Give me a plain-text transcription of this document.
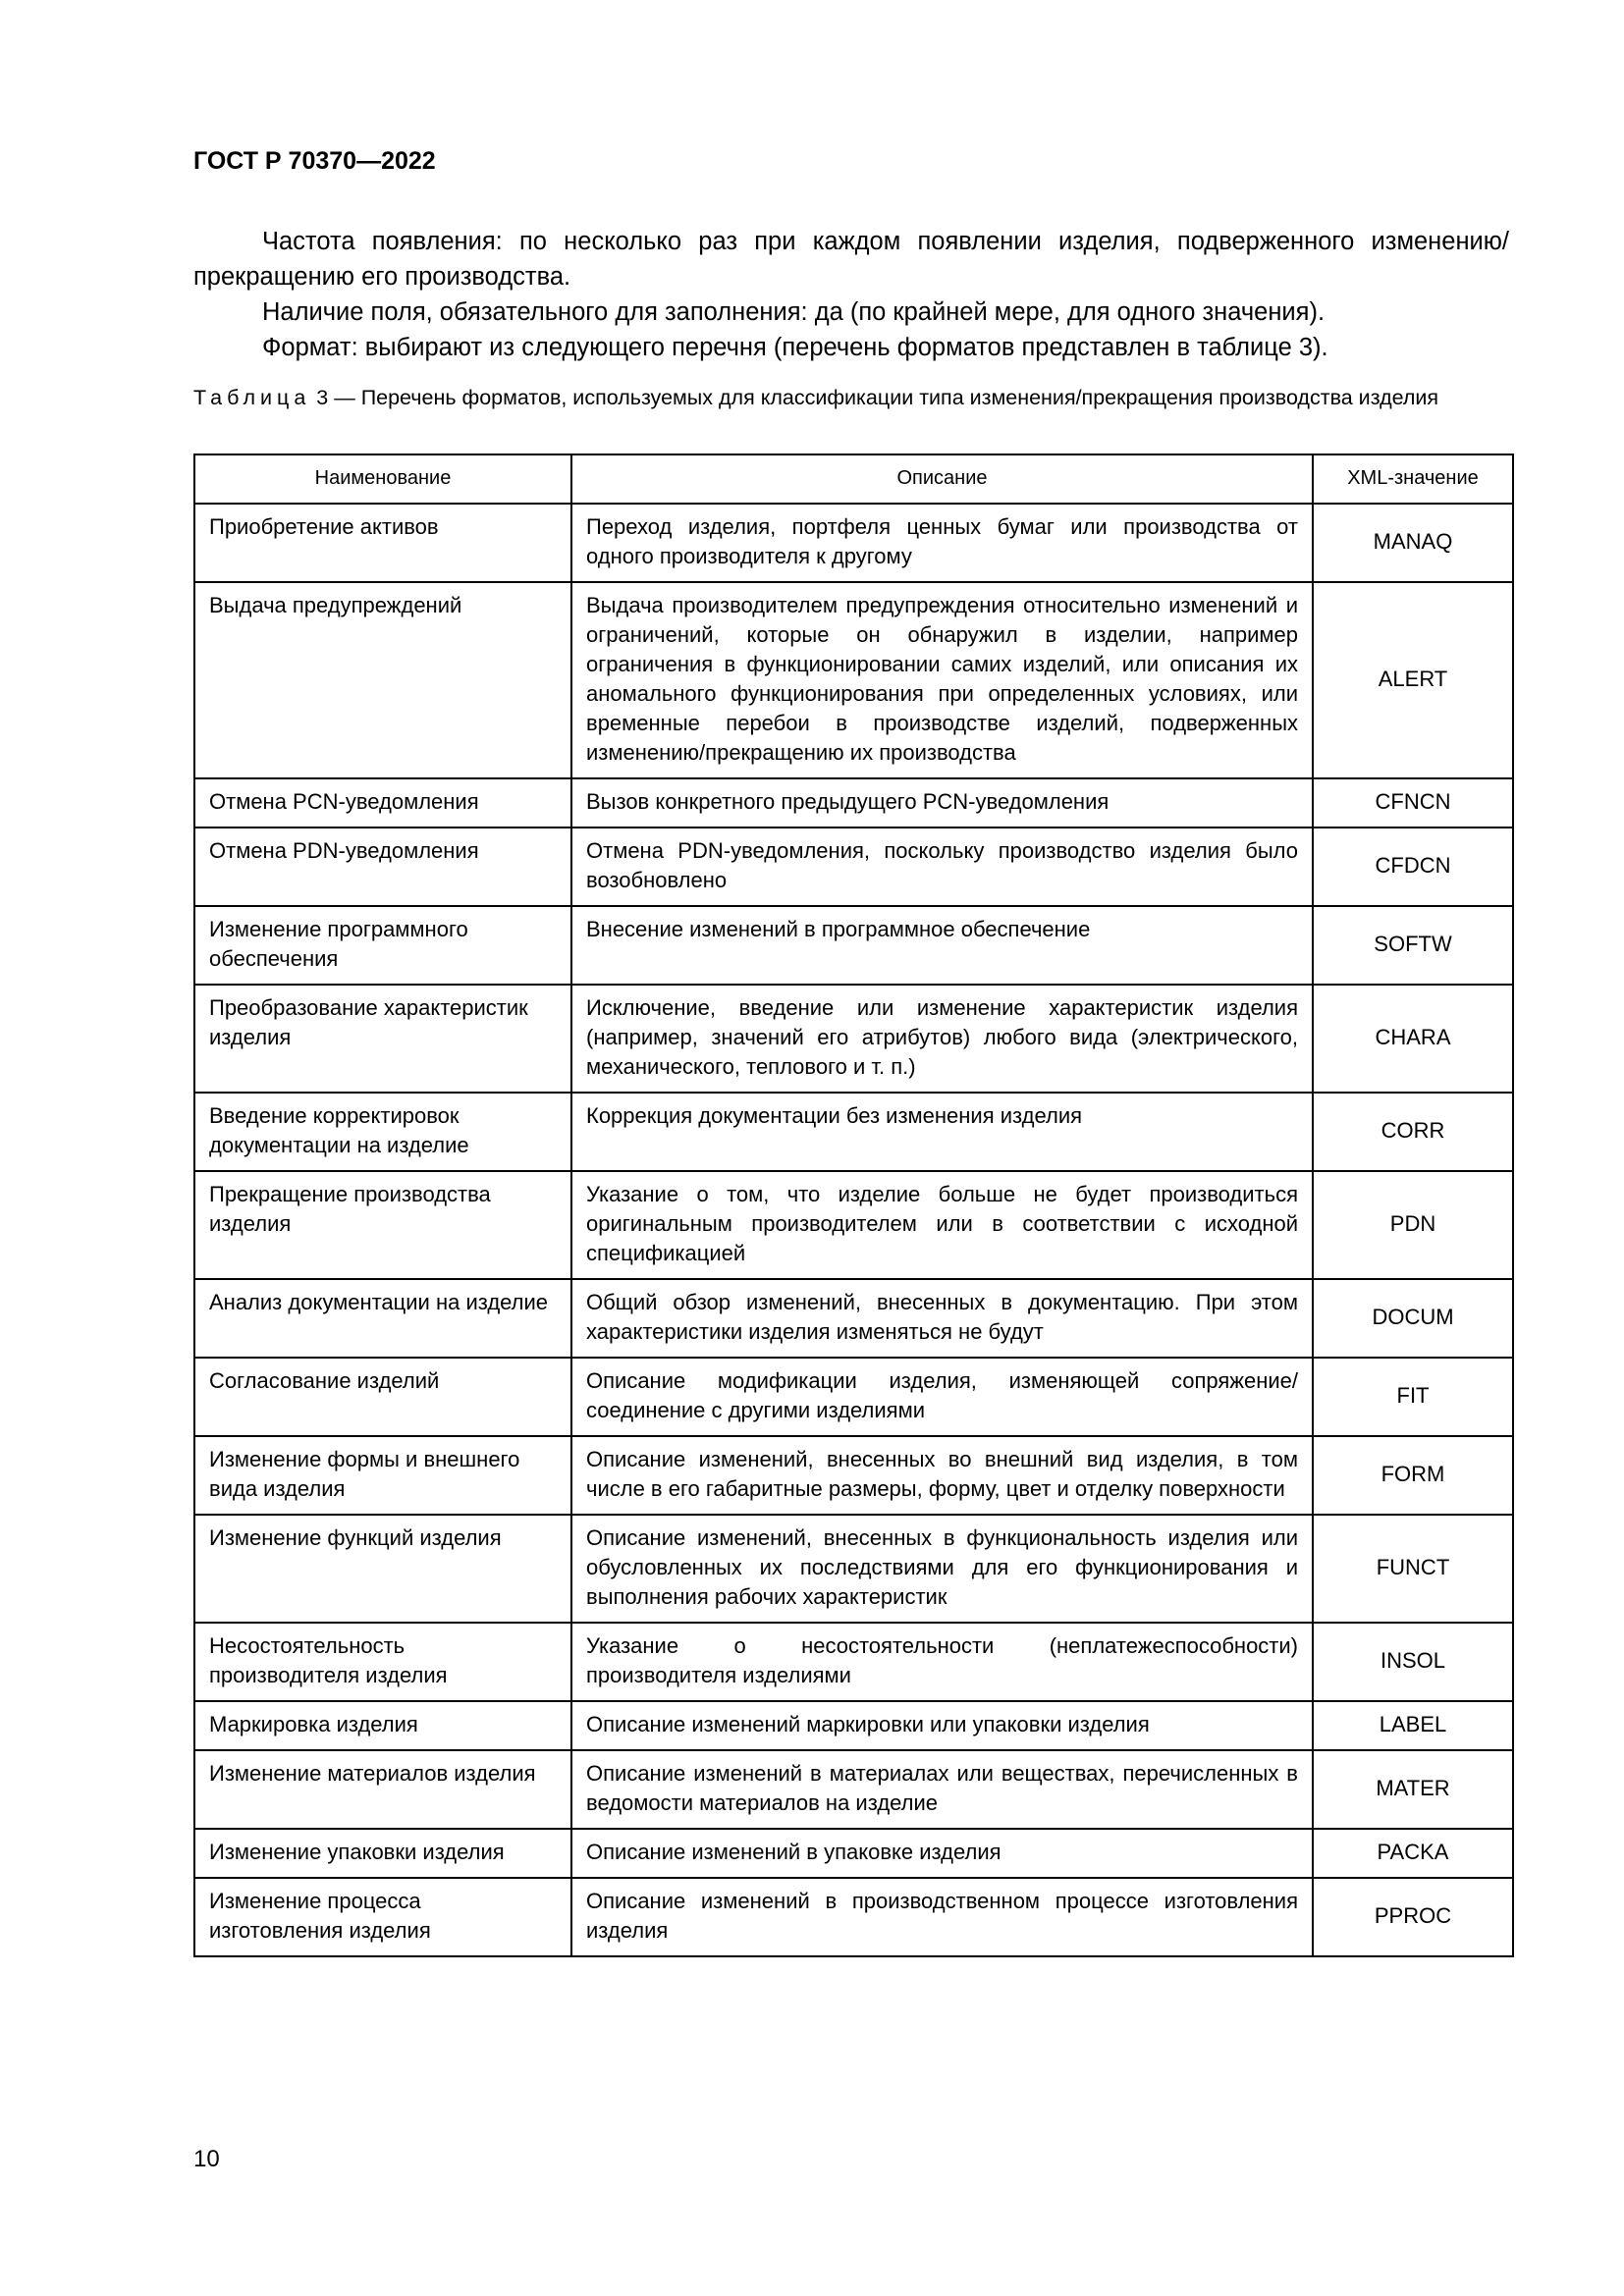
ГОСТ Р 70370—2022

Частота появления: по несколько раз при каждом появлении изделия, подверженного изменению/прекращению его производства.

Наличие поля, обязательного для заполнения: да (по крайней мере, для одного значения).

Формат: выбирают из следующего перечня (перечень форматов представлен в таблице 3).

Таблица 3 — Перечень форматов, используемых для классификации типа изменения/прекращения производства изделия
Наименование	Описание	XML-значение
Приобретение активов	Переход изделия, портфеля ценных бумаг или производства от одного производителя к другому	MANAQ
Выдача предупреждений	Выдача производителем предупреждения относительно изменений и ограничений, которые он обнаружил в изделии, например ограничения в функционировании самих изделий, или описания их аномального функционирования при определенных условиях, или временные перебои в производстве изделий, подверженных изменению/прекращению их производства	ALERT
Отмена PCN-уведомления	Вызов конкретного предыдущего PCN-уведомления	CFNCN
Отмена PDN-уведомления	Отмена PDN-уведомления, поскольку производство изделия было возобновлено	CFDCN
Изменение программного обеспечения	Внесение изменений в программное обеспечение	SOFTW
Преобразование характеристик изделия	Исключение, введение или изменение характеристик изделия (например, значений его атрибутов) любого вида (электрического, механического, теплового и т. п.)	CHARA
Введение корректировок документации на изделие	Коррекция документации без изменения изделия	CORR
Прекращение производства изделия	Указание о том, что изделие больше не будет производиться оригинальным производителем или в соответствии с исходной спецификацией	PDN
Анализ документации на изделие	Общий обзор изменений, внесенных в документацию. При этом характеристики изделия изменяться не будут	DOCUM
Согласование изделий	Описание модификации изделия, изменяющей сопряжение/соединение с другими изделиями	FIT
Изменение формы и внешнего вида изделия	Описание изменений, внесенных во внешний вид изделия, в том числе в его габаритные размеры, форму, цвет и отделку поверхности	FORM
Изменение функций изделия	Описание изменений, внесенных в функциональность изделия или обусловленных их последствиями для его функционирования и выполнения рабочих характеристик	FUNCT
Несостоятельность производителя изделия	Указание о несостоятельности (неплатежеспособности) производителя изделиями	INSOL
Маркировка изделия	Описание изменений маркировки или упаковки изделия	LABEL
Изменение материалов изделия	Описание изменений в материалах или веществах, перечисленных в ведомости материалов на изделие	MATER
Изменение упаковки изделия	Описание изменений в упаковке изделия	PACKA
Изменение процесса изготовления изделия	Описание изменений в производственном процессе изготовления изделия	PPROC
10
